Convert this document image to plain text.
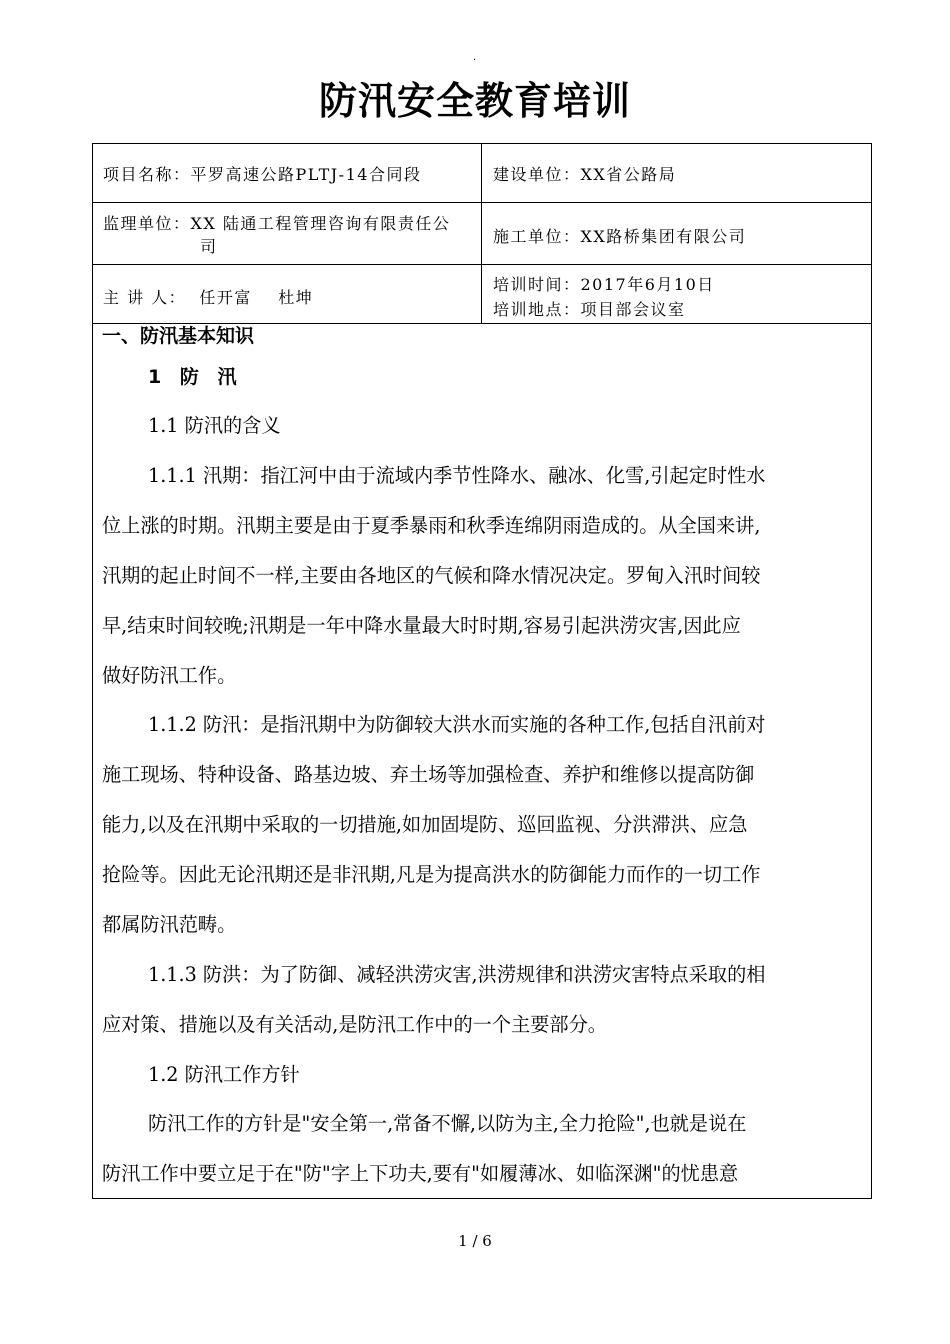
·
防汛安全教育培训
项目名称：平罗高速公路PLTJ-14合同段	建设单位：XX省公路局
监理单位：XX 陆通工程管理咨询有限责任公
司
施工单位：XX路桥集团有限公司
主 讲 人：  任开富    杜坤
培训时间：2017年6月10日
培训地点：项目部会议室
一、防汛基本知识
1 防 汛
1.1 防汛的含义
1.1.1 汛期：指江河中由于流域内季节性降水、融冰、化雪,引起定时性水
位上涨的时期。汛期主要是由于夏季暴雨和秋季连绵阴雨造成的。从全国来讲,
汛期的起止时间不一样,主要由各地区的气候和降水情况决定。罗甸入汛时间较
早,结束时间较晚;汛期是一年中降水量最大时时期,容易引起洪涝灾害,因此应
做好防汛工作。
1.1.2 防汛：是指汛期中为防御较大洪水而实施的各种工作,包括自汛前对
施工现场、特种设备、路基边坡、弃土场等加强检查、养护和维修以提高防御
能力,以及在汛期中采取的一切措施,如加固堤防、巡回监视、分洪滞洪、应急
抢险等。因此无论汛期还是非汛期,凡是为提高洪水的防御能力而作的一切工作
都属防汛范畴。
1.1.3 防洪：为了防御、减轻洪涝灾害,洪涝规律和洪涝灾害特点采取的相
应对策、措施以及有关活动,是防汛工作中的一个主要部分。
1.2 防汛工作方针
防汛工作的方针是"安全第一,常备不懈,以防为主,全力抢险",也就是说在
防汛工作中要立足于在"防"字上下功夫,要有"如履薄冰、如临深渊"的忧患意
1 / 6
